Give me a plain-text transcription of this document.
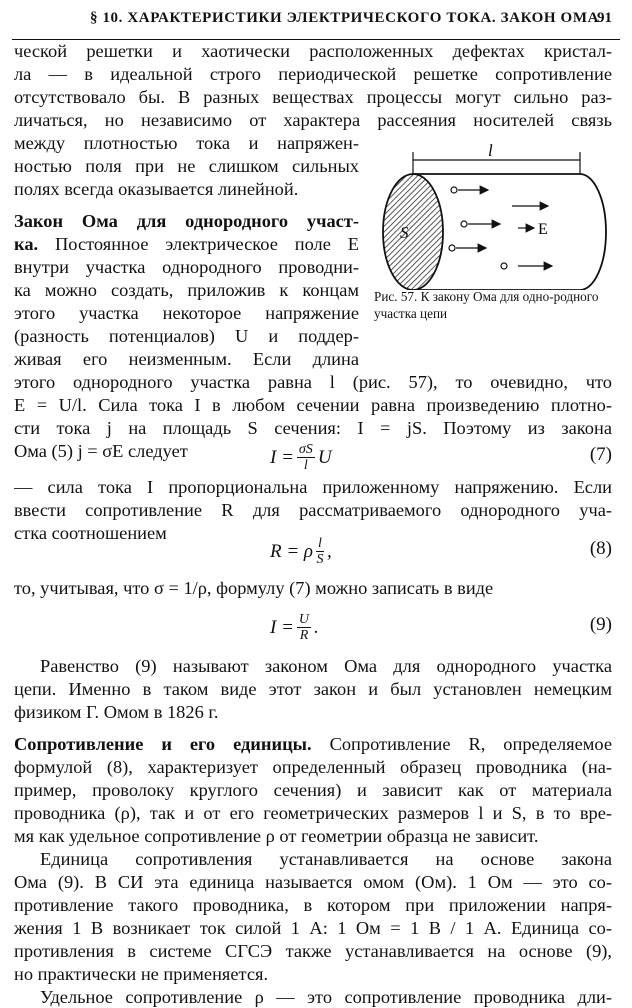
§ 10. ХАРАКТЕРИСТИКИ ЭЛЕКТРИЧЕСКОГО ТОКА. ЗАКОН ОМА
91
ческой решетки и хаотически расположенных дефектах кристал-
ла — в идеальной строго периодической решетке сопротивление
отсутствовало бы. В разных веществах процессы могут сильно раз-
личаться, но независимо от характера рассеяния носителей связь
между плотностью тока и напряжен-
ностью поля при не слишком сильных
полях всегда оказывается линейной.
Закон Ома для однородного участ-
ка. Постоянное электрическое поле E
внутри участка однородного проводни-
ка можно создать, приложив к концам
этого участка некоторое напряжение
(разность потенциалов) U и поддер-
живая его неизменным. Если длина
этого однородного участка равна l (рис. 57), то очевидно, что
E = U/l. Сила тока I в любом сечении равна произведению плотно-
сти тока j на площадь S сечения: I = jS. Поэтому из закона
Ома (5) j = σE следует
l
S	E
Рис. 57. К закону Ома для одно-родного участка цепи
$I = \frac{\sigma S}{l}$ U	(7)
— сила тока I пропорциональна приложенному напряжению. Если
ввести сопротивление R для рассматриваемого однородного уча-
стка соотношением
R = ρ $\frac{l}{S}$ ,	(8)
то, учитывая, что σ = 1/ρ, формулу (7) можно записать в виде
$I = \frac{U}{R}$ .	(9)
Равенство (9) называют законом Ома для однородного участка
цепи. Именно в таком виде этот закон и был установлен немецким
физиком Г. Омом в 1826 г.
Сопротивление и его единицы. Сопротивление R, определяемое
формулой (8), характеризует определенный образец проводника (на-
пример, проволоку круглого сечения) и зависит как от материала
проводника (ρ), так и от его геометрических размеров l и S, в то вре-
мя как удельное сопротивление ρ от геометрии образца не зависит.
Единица сопротивления устанавливается на основе закона
Ома (9). В СИ эта единица называется омом (Ом). 1 Ом — это со-
противление такого проводника, в котором при приложении напря-
жения 1 В возникает ток силой 1 А: 1 Ом = 1 В / 1 А. Единица со-
противления в системе СГСЭ также устанавливается на основе (9),
но практически не применяется.
Удельное сопротивление ρ — это сопротивление проводника дли-
